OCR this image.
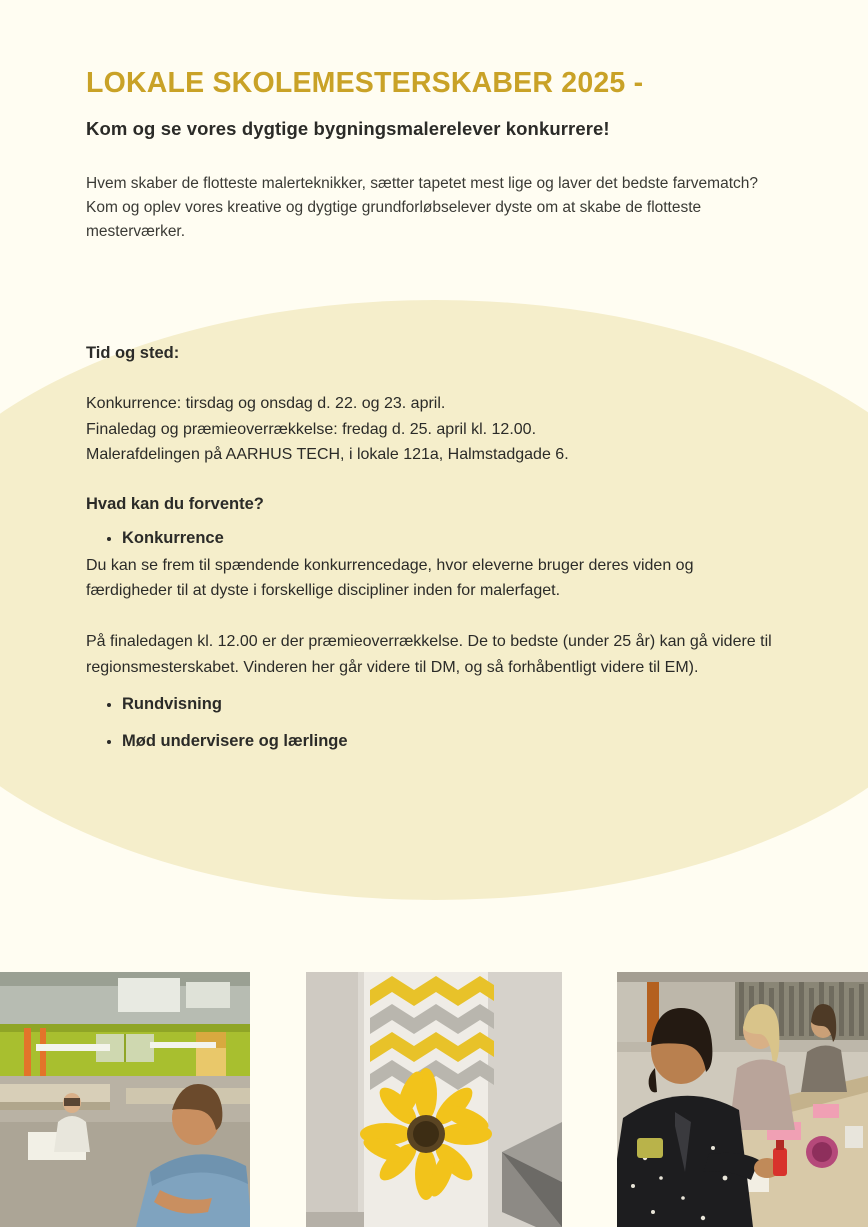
LOKALE SKOLEMESTERSKABER 2025 -

Kom og se vores dygtige bygningsmalerelever konkurrere!

Hvem skaber de flotteste malerteknikker, sætter tapetet mest lige og laver det bedste farvematch? Kom og oplev vores kreative og dygtige grundforløbselever dyste om at skabe de flotteste mesterværker.

Tid og sted:

Konkurrence: tirsdag og onsdag d. 22. og 23. april.
Finaledag og præmieoverrækkelse: fredag d. 25. april kl. 12.00.
Malerafdelingen på AARHUS TECH, i lokale 121a, Halmstadgade 6.

Hvad kan du forvente?

• Konkurrence

Du kan se frem til spændende konkurrencedage, hvor eleverne bruger deres viden og færdigheder til at dyste i forskellige discipliner inden for malerfaget.

På finaledagen kl. 12.00 er der præmieoverrækkelse. De to bedste (under 25 år) kan gå videre til regionsmesterskabet. Vinderen her går videre til DM, og så forhåbentligt videre til EM).

• Rundvisning
• Mød undervisere og lærlinge
